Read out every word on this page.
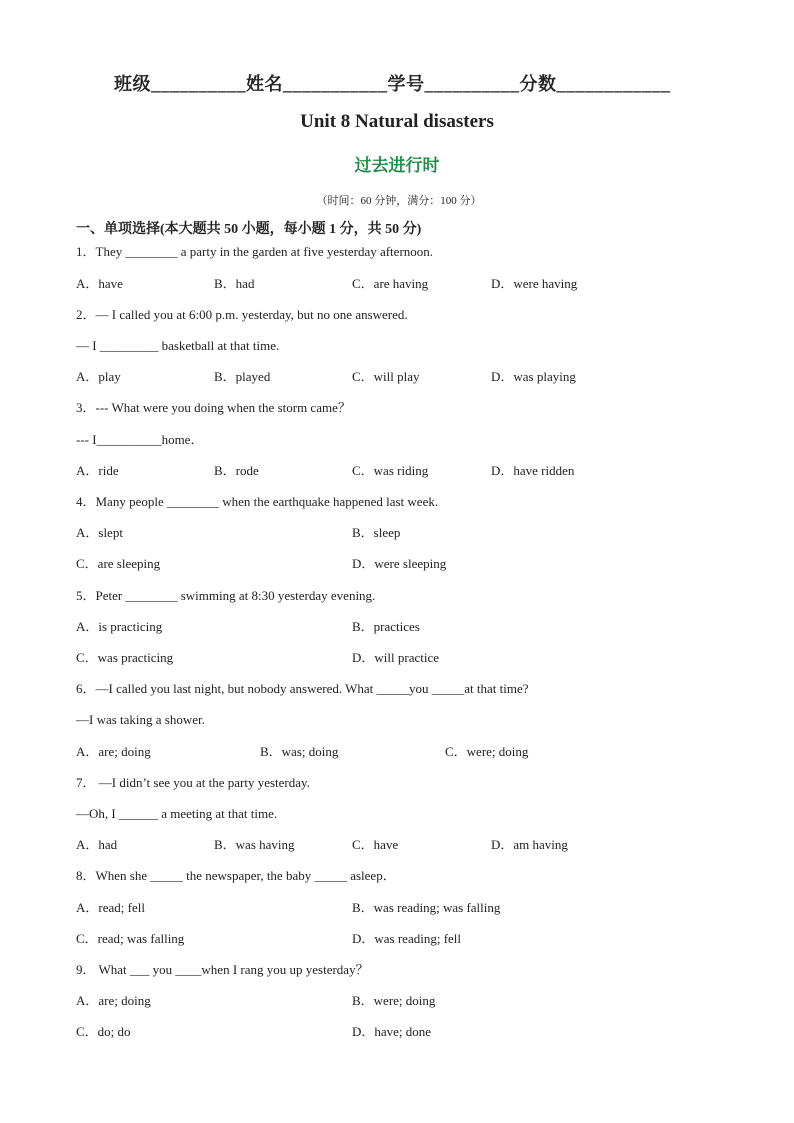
班级__________姓名___________学号__________分数____________
Unit 8 Natural disasters
过去进行时
（时间：60 分钟，满分：100 分）
一、单项选择(本大题共 50 小题，每小题 1 分，共 50 分)
1．They ________ a party in the garden at five yesterday afternoon.
A．have	B．had	C．are having	D．were having
2．— I called you at 6:00 p.m. yesterday, but no one answered.
— I _________ basketball at that time.
A．play	B．played	C．will play	D．was playing
3．--- What were you doing when the storm came？
--- I__________home．
A．ride	B．rode	C．was riding	D．have ridden
4．Many people ________ when the earthquake happened last week.
A．slept	B．sleep
C．are sleeping	D．were sleeping
5．Peter ________ swimming at 8:30 yesterday evening.
A．is practicing	B．practices
C．was practicing	D．will practice
6．—I called you last night, but nobody answered. What _____you _____at that time?
—I was taking a shower.
A．are; doing	B．was; doing	C．were; doing
7． —I didn’t see you at the party yesterday.
—Oh, I ______ a meeting at that time.
A．had	B．was having	C．have	D．am having
8．When she _____ the newspaper, the baby _____ asleep．
A．read; fell	B．was reading; was falling
C．read; was falling	D．was reading; fell
9． What ___ you ____when I rang you up yesterday？
A．are; doing	B．were; doing
C．do; do	D．have; done
